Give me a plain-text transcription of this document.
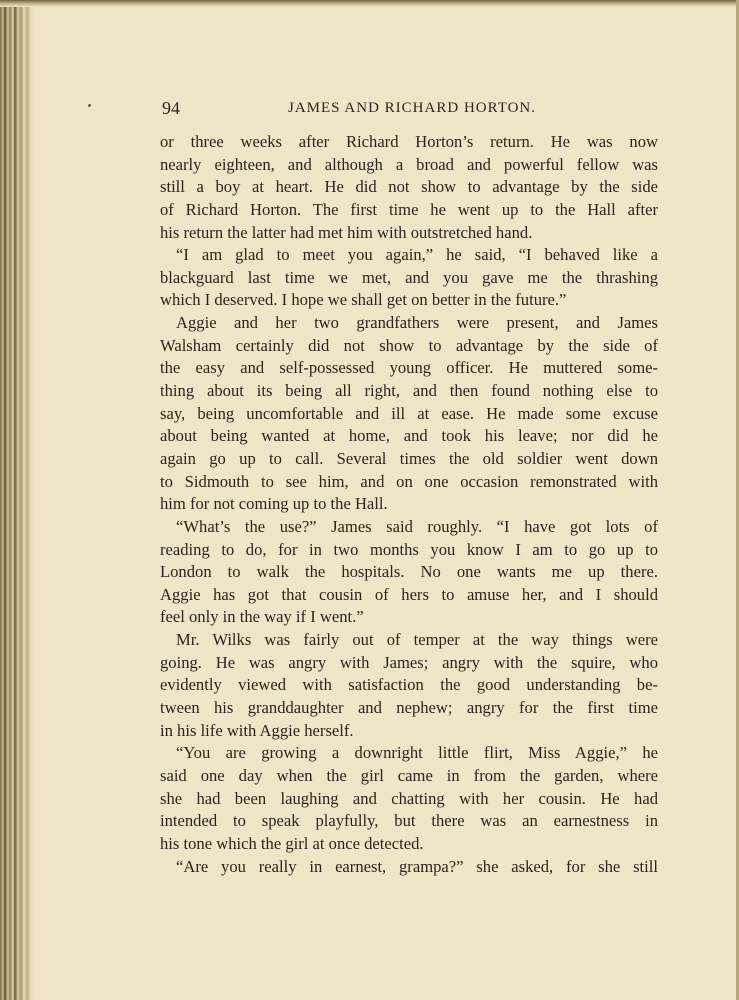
94	JAMES AND RICHARD HORTON.
or three weeks after Richard Horton’s return. He was now
nearly eighteen, and although a broad and powerful fellow was
still a boy at heart. He did not show to advantage by the side
of Richard Horton. The first time he went up to the Hall after
his return the latter had met him with outstretched hand.
“I am glad to meet you again,” he said, “I behaved like a
blackguard last time we met, and you gave me the thrashing
which I deserved. I hope we shall get on better in the future.”
Aggie and her two grandfathers were present, and James
Walsham certainly did not show to advantage by the side of
the easy and self-possessed young officer. He muttered some-
thing about its being all right, and then found nothing else to
say, being uncomfortable and ill at ease. He made some excuse
about being wanted at home, and took his leave; nor did he
again go up to call. Several times the old soldier went down
to Sidmouth to see him, and on one occasion remonstrated with
him for not coming up to the Hall.
“What’s the use?” James said roughly. “I have got lots of
reading to do, for in two months you know I am to go up to
London to walk the hospitals. No one wants me up there.
Aggie has got that cousin of hers to amuse her, and I should
feel only in the way if I went.”
Mr. Wilks was fairly out of temper at the way things were
going. He was angry with James; angry with the squire, who
evidently viewed with satisfaction the good understanding be-
tween his granddaughter and nephew; angry for the first time
in his life with Aggie herself.
“You are growing a downright little flirt, Miss Aggie,” he
said one day when the girl came in from the garden, where
she had been laughing and chatting with her cousin. He had
intended to speak playfully, but there was an earnestness in
his tone which the girl at once detected.
“Are you really in earnest, grampa?” she asked, for she still
